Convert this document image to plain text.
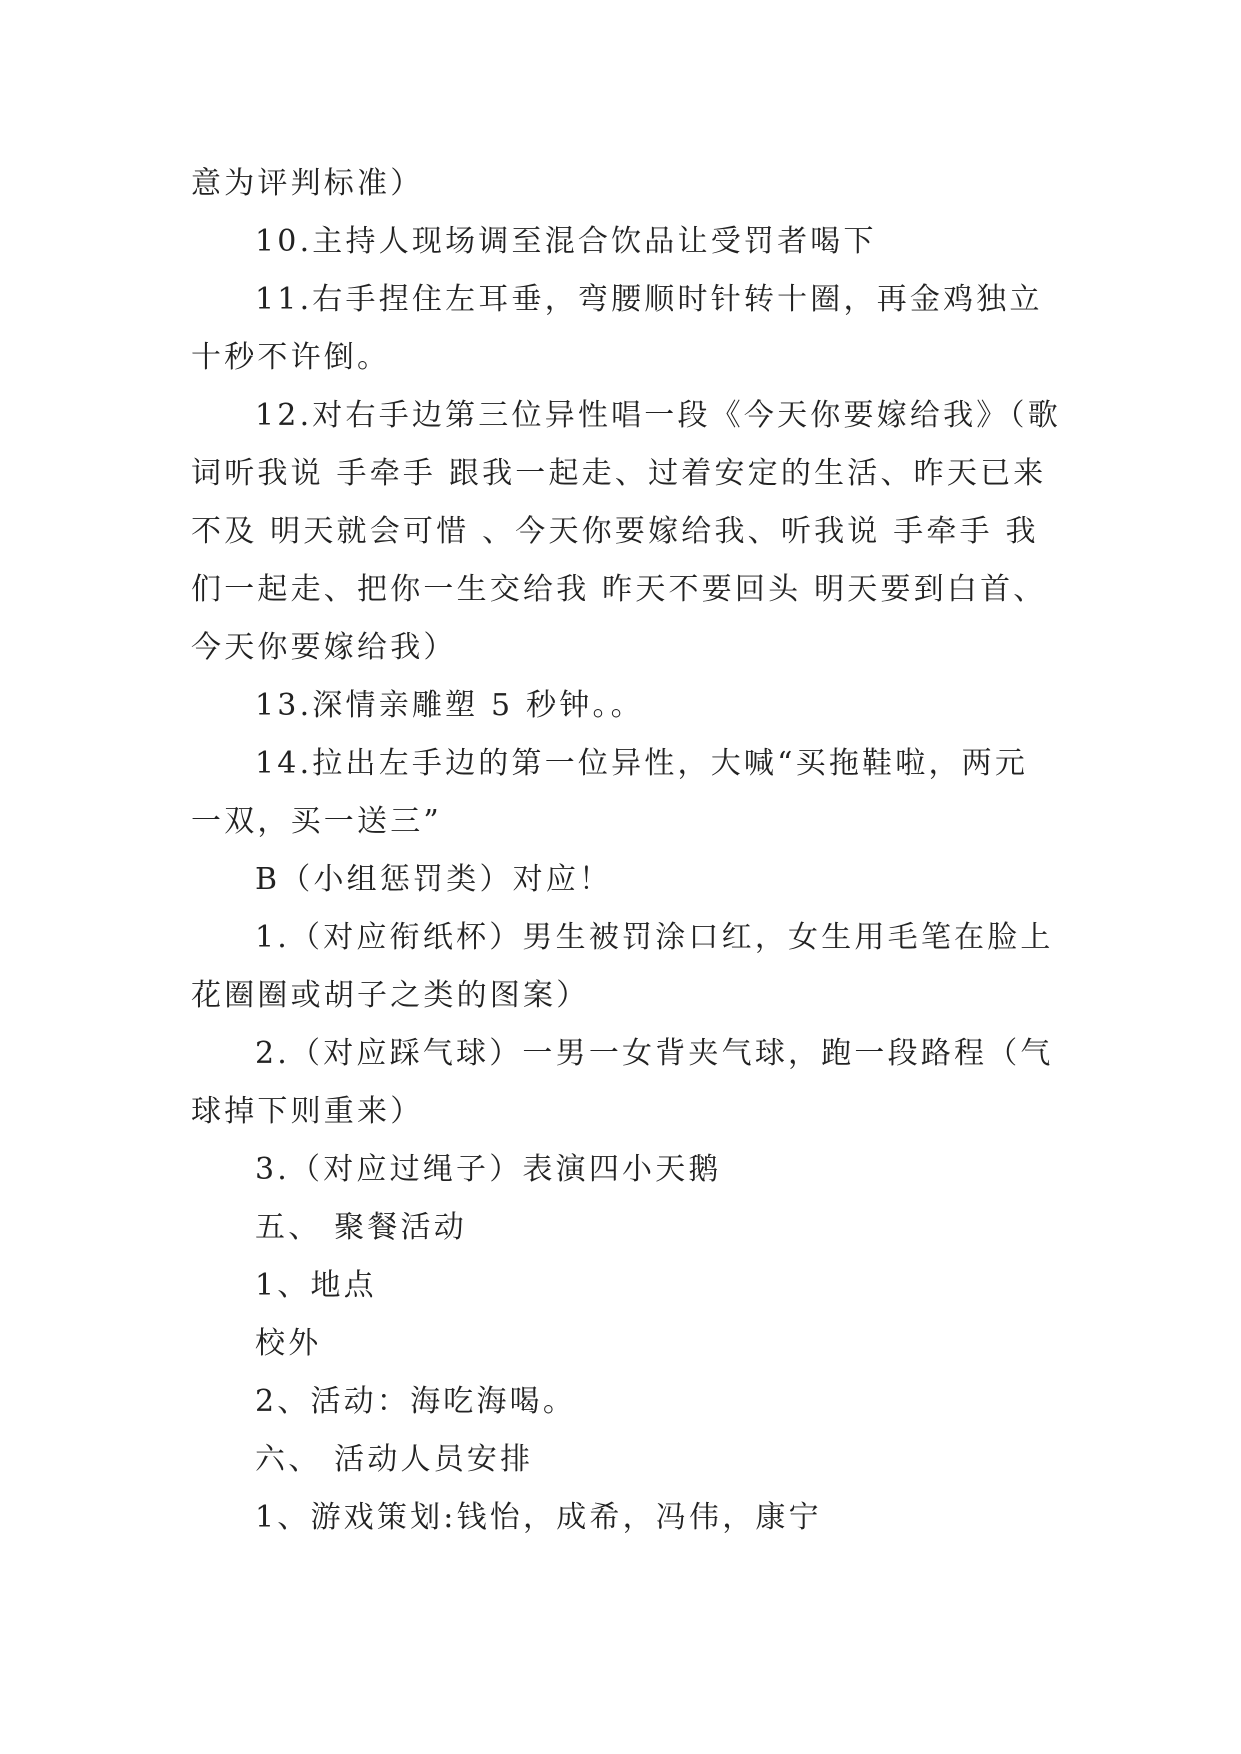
意为评判标准）
10.主持人现场调至混合饮品让受罚者喝下
11.右手捏住左耳垂，弯腰顺时针转十圈，再金鸡独立
十秒不许倒。
12.对右手边第三位异性唱一段《今天你要嫁给我》（歌
词听我说 手牵手 跟我一起走、过着安定的生活、昨天已来
不及 明天就会可惜 、今天你要嫁给我、听我说 手牵手 我
们一起走、把你一生交给我 昨天不要回头 明天要到白首、
今天你要嫁给我）
13.深情亲雕塑 5 秒钟。。
14.拉出左手边的第一位异性，大喊“买拖鞋啦，两元
一双，买一送三”
B（小组惩罚类）对应！
1.（对应衔纸杯）男生被罚涂口红，女生用毛笔在脸上
花圈圈或胡子之类的图案）
2.（对应踩气球）一男一女背夹气球，跑一段路程（气
球掉下则重来）
3.（对应过绳子）表演四小天鹅
五、 聚餐活动
1、地点
校外
2、活动：海吃海喝。
六、 活动人员安排
1、游戏策划:钱怡，成希，冯伟，康宁
